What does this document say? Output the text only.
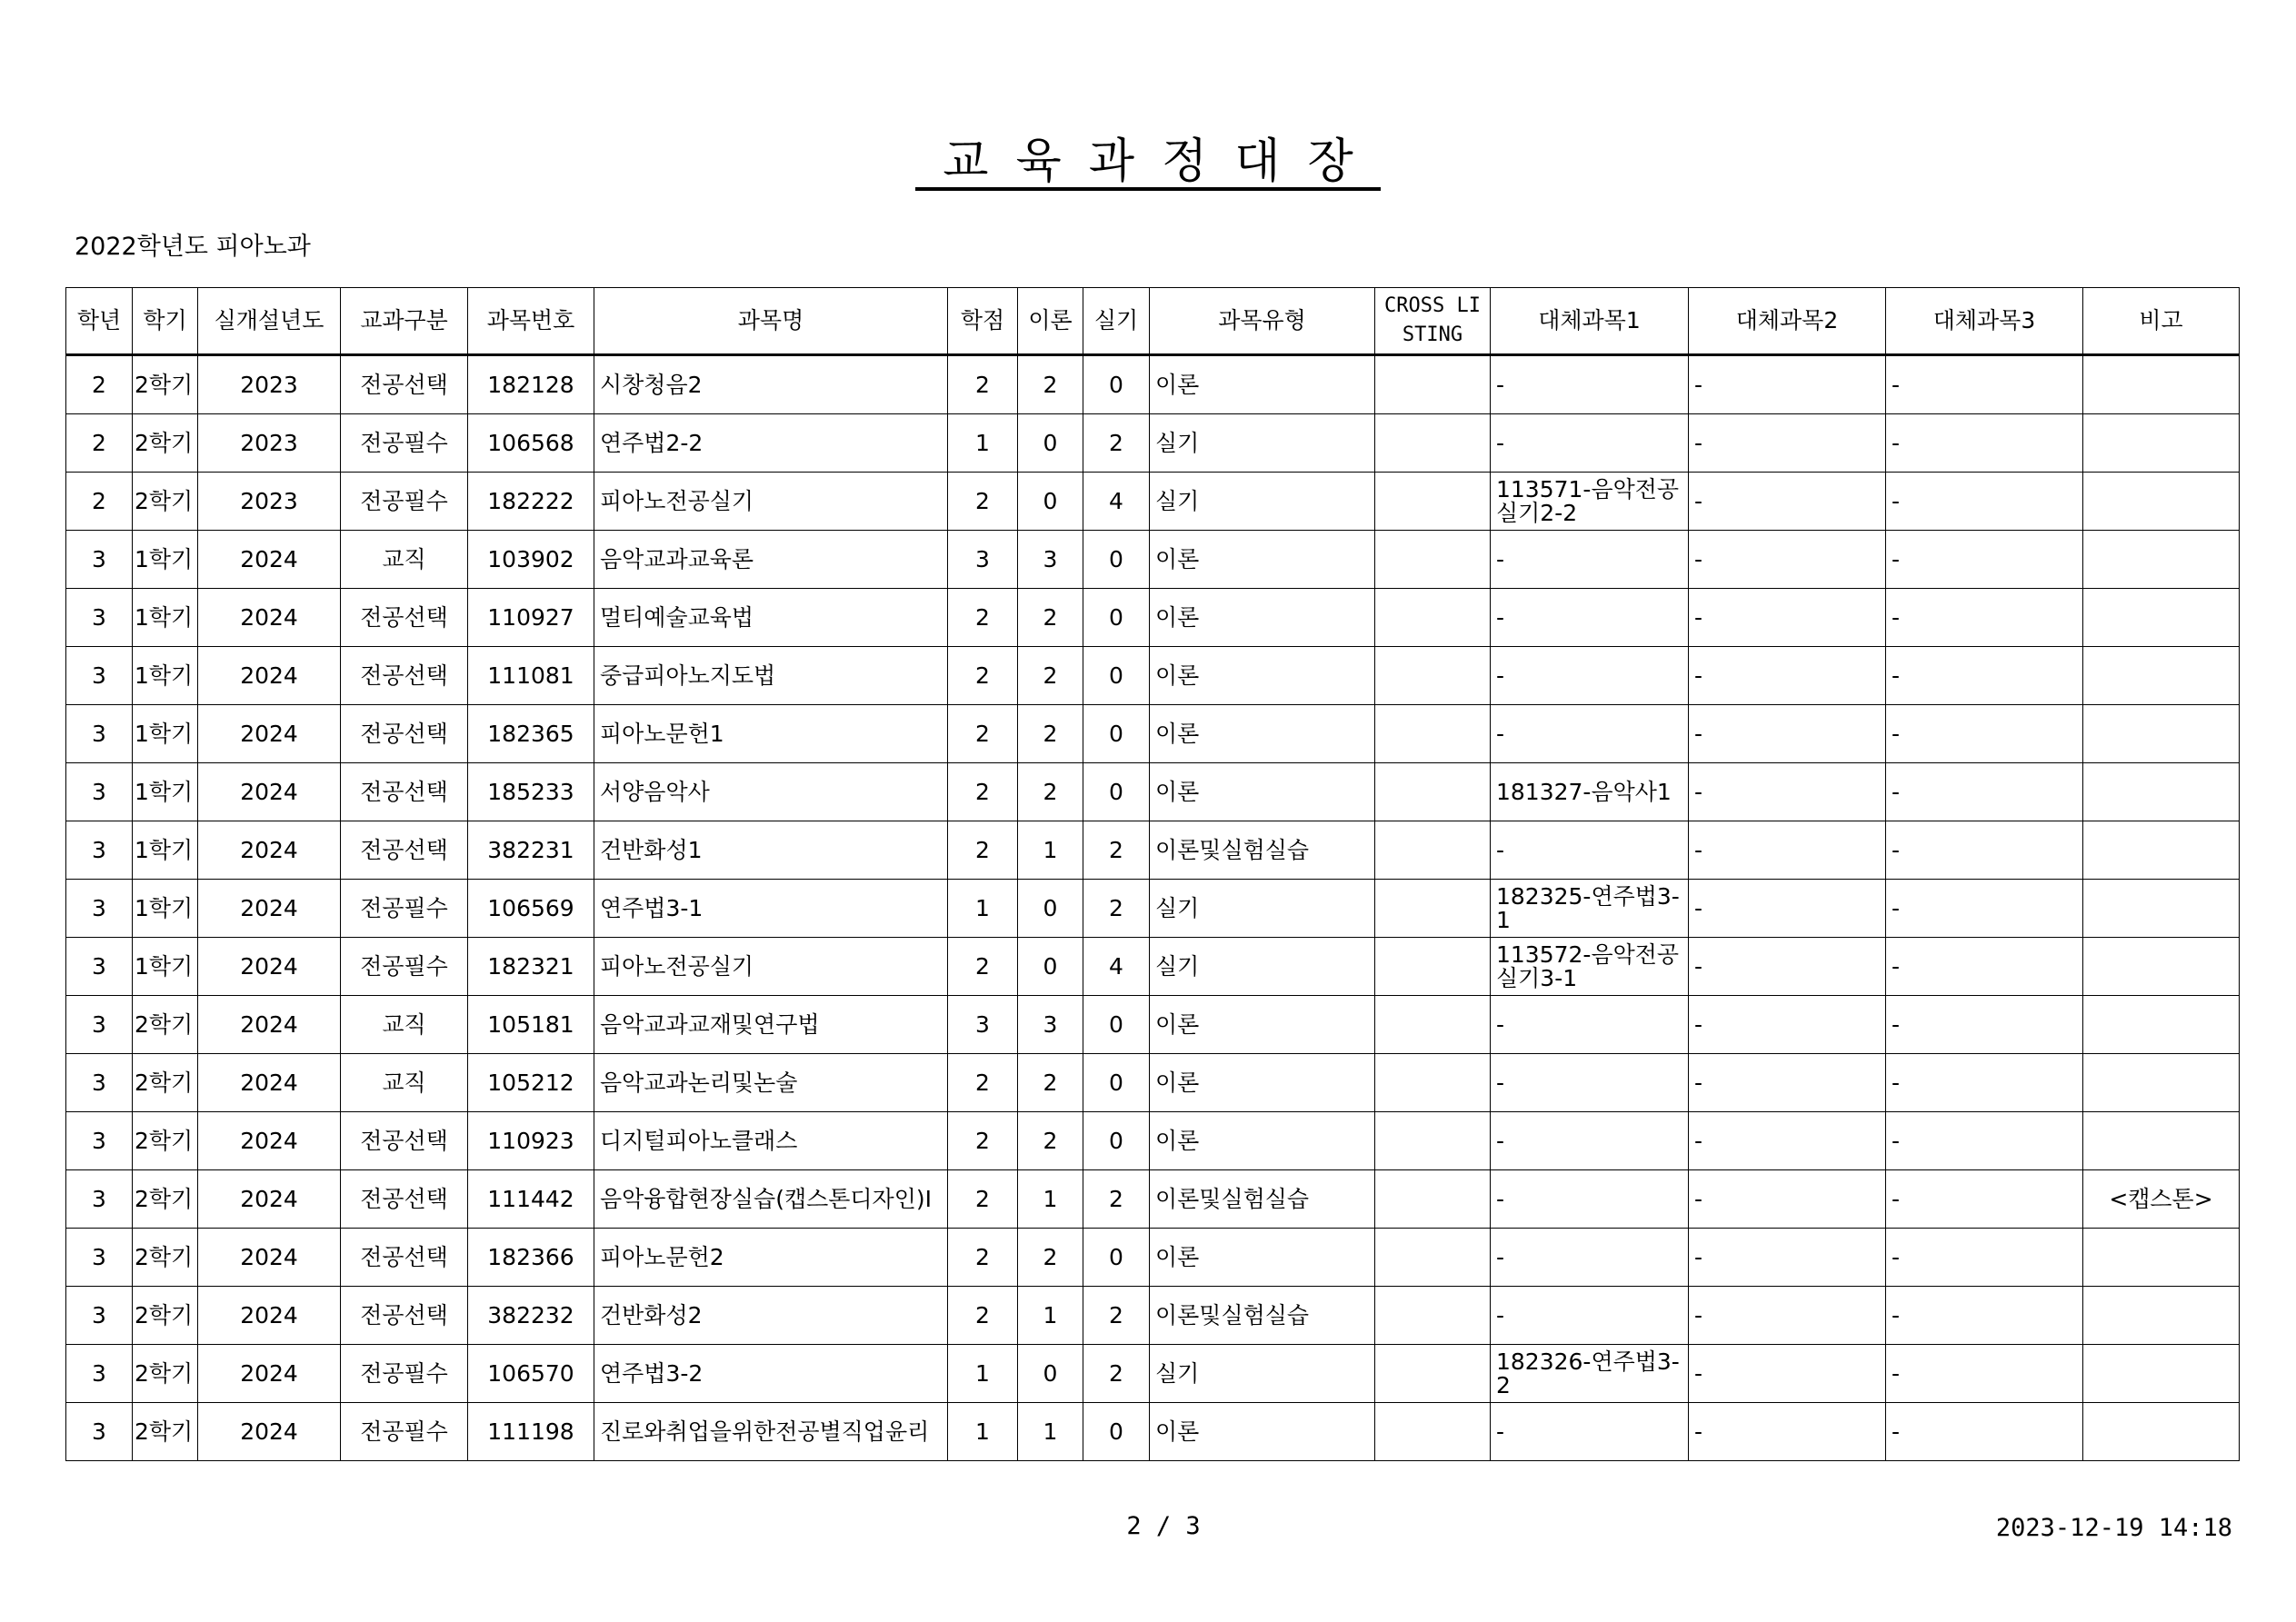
교육과정대장
2022학년도 피아노과
학년	학기	실개설년도	교과구분	과목번호	과목명	학점	이론	실기	과목유형	CROSS LISTING	대체과목1	대체과목2	대체과목3	비고
2	2학기	2023	전공선택	182128	시창청음2	2	2	0	이론		-	-	-	
2	2학기	2023	전공필수	106568	연주법2-2	1	0	2	실기		-	-	-	
2	2학기	2023	전공필수	182222	피아노전공실기	2	0	4	실기		113571-음악전공실기2-2	-	-	
3	1학기	2024	교직	103902	음악교과교육론	3	3	0	이론		-	-	-	
3	1학기	2024	전공선택	110927	멀티예술교육법	2	2	0	이론		-	-	-	
3	1학기	2024	전공선택	111081	중급피아노지도법	2	2	0	이론		-	-	-	
3	1학기	2024	전공선택	182365	피아노문헌1	2	2	0	이론		-	-	-	
3	1학기	2024	전공선택	185233	서양음악사	2	2	0	이론		181327-음악사1	-	-	
3	1학기	2024	전공선택	382231	건반화성1	2	1	2	이론및실험실습		-	-	-	
3	1학기	2024	전공필수	106569	연주법3-1	1	0	2	실기		182325-연주법3-1	-	-	
3	1학기	2024	전공필수	182321	피아노전공실기	2	0	4	실기		113572-음악전공실기3-1	-	-	
3	2학기	2024	교직	105181	음악교과교재및연구법	3	3	0	이론		-	-	-	
3	2학기	2024	교직	105212	음악교과논리및논술	2	2	0	이론		-	-	-	
3	2학기	2024	전공선택	110923	디지털피아노클래스	2	2	0	이론		-	-	-	
3	2학기	2024	전공선택	111442	음악융합현장실습(캡스톤디자인)Ⅰ	2	1	2	이론및실험실습		-	-	-	<캡스톤>
3	2학기	2024	전공선택	182366	피아노문헌2	2	2	0	이론		-	-	-	
3	2학기	2024	전공선택	382232	건반화성2	2	1	2	이론및실험실습		-	-	-	
3	2학기	2024	전공필수	106570	연주법3-2	1	0	2	실기		182326-연주법3-2	-	-	
3	2학기	2024	전공필수	111198	진로와취업을위한전공별직업윤리	1	1	0	이론		-	-	-	
2 / 3	2023-12-19 14:18
